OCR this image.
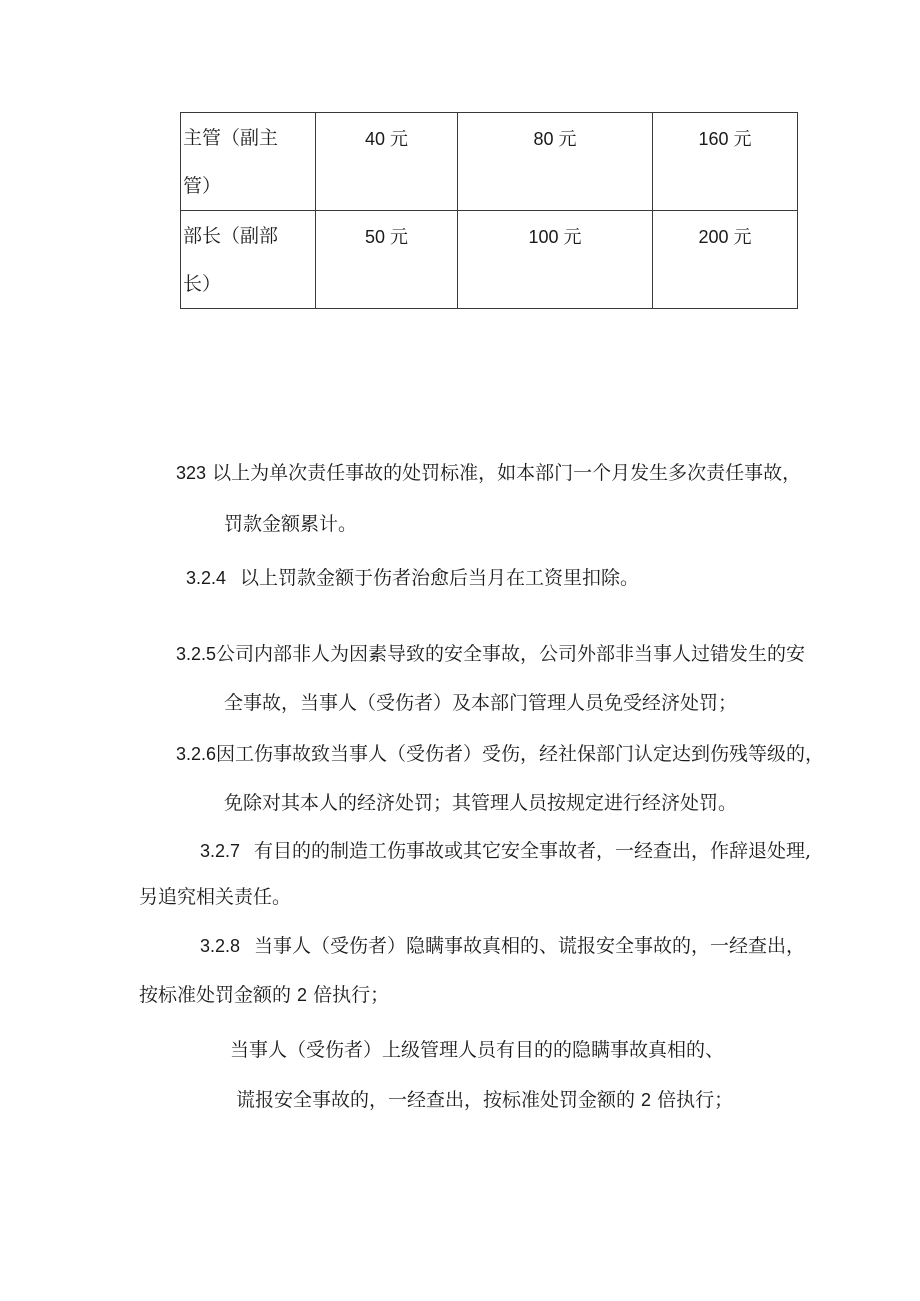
主管（副主
管）	40 元	80 元	160 元

部长（副部
长）	50 元	100 元	200 元
323 以上为单次责任事故的处罚标准，如本部门一个月发生多次责任事故，
罚款金额累计。
3.2.4 以上罚款金额于伤者治愈后当月在工资里扣除。
3.2.5公司内部非人为因素导致的安全事故，公司外部非当事人过错发生的安
全事故，当事人（受伤者）及本部门管理人员免受经济处罚；
3.2.6因工伤事故致当事人（受伤者）受伤，经社保部门认定达到伤残等级的，
免除对其本人的经济处罚；其管理人员按规定进行经济处罚。
3.2.7 有目的的制造工伤事故或其它安全事故者，一经查出，作辞退处理,
另追究相关责任。
3.2.8 当事人（受伤者）隐瞒事故真相的、谎报安全事故的，一经查出，
按标准处罚金额的 2 倍执行；
当事人（受伤者）上级管理人员有目的的隐瞒事故真相的、
谎报安全事故的，一经查出，按标准处罚金额的 2 倍执行；
